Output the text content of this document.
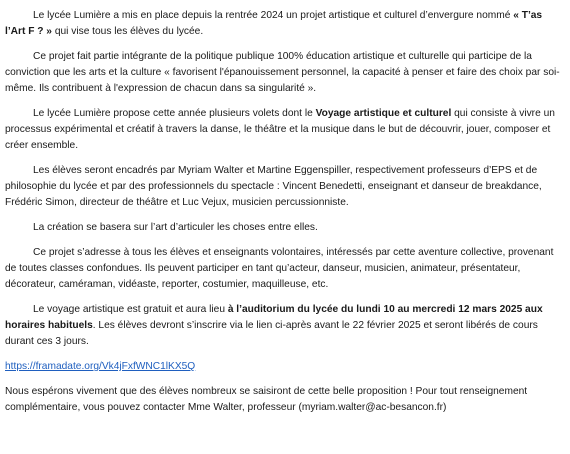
Le lycée Lumière a mis en place depuis la rentrée 2024 un projet artistique et culturel d’envergure nommé « T’as l’Art F ? » qui vise tous les élèves du lycée.

Ce projet fait partie intégrante de la politique publique 100% éducation artistique et culturelle qui participe de la conviction que les arts et la culture « favorisent l'épanouissement personnel, la capacité à penser et faire des choix par soi-même. Ils contribuent à l'expression de chacun dans sa singularité ».

Le lycée Lumière propose cette année plusieurs volets dont le Voyage artistique et culturel qui consiste à vivre un processus expérimental et créatif à travers la danse, le théâtre et la musique dans le but de découvrir, jouer, composer et créer ensemble.

Les élèves seront encadrés par Myriam Walter et Martine Eggenspiller, respectivement professeurs d’EPS et de philosophie du lycée et par des professionnels du spectacle : Vincent Benedetti, enseignant et danseur de breakdance, Frédéric Simon, directeur de théâtre et Luc Vejux, musicien percussionniste.

La création se basera sur l’art d’articuler les choses entre elles.

Ce projet s’adresse à tous les élèves et enseignants volontaires, intéressés par cette aventure collective, provenant de toutes classes confondues. Ils peuvent participer en tant qu’acteur, danseur, musicien, animateur, présentateur, décorateur, caméraman, vidéaste, reporter, costumier, maquilleuse, etc.

Le voyage artistique est gratuit et aura lieu à l’auditorium du lycée du lundi 10 au mercredi 12 mars 2025 aux horaires habituels. Les élèves devront s’inscrire via le lien ci-après avant le 22 février 2025 et seront libérés de cours durant ces 3 jours.

https://framadate.org/Vk4jFxfWNC1lKX5Q

Nous espérons vivement que des élèves nombreux se saisiront de cette belle proposition ! Pour tout renseignement complémentaire, vous pouvez contacter Mme Walter, professeur (myriam.walter@ac-besancon.fr)
